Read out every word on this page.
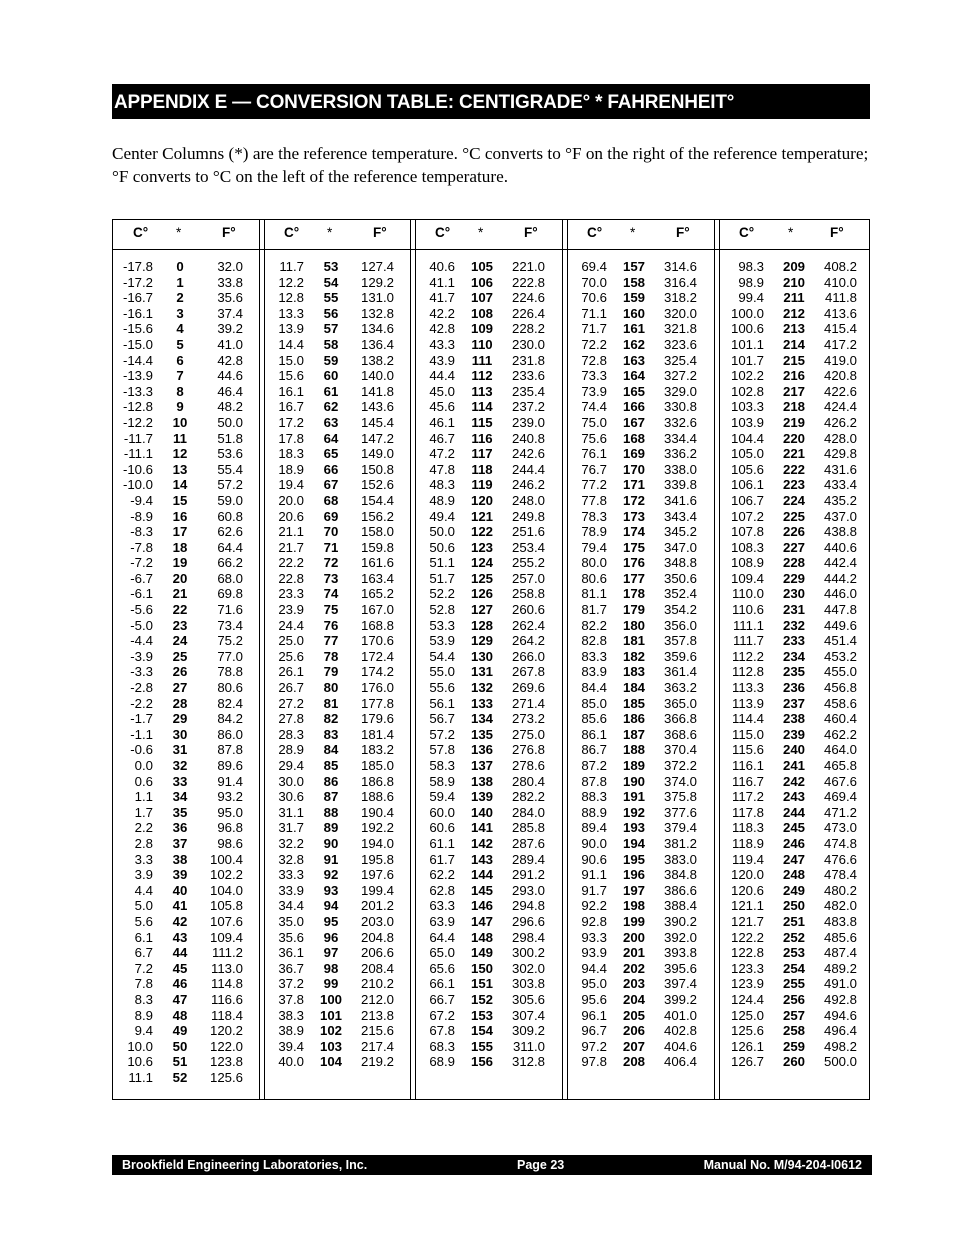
APPENDIX E — CONVERSION TABLE: CENTIGRADE° * FAHRENHEIT°
Center Columns (*) are the reference temperature. °C converts to °F on the right of the reference temperature; °F converts to °C on the left of the reference temperature.
C° *	F°
-17.8	0	32.0
-17.2	1	33.8
-16.7	2	35.6
-16.1	3	37.4
-15.6	4	39.2
-15.0	5	41.0
-14.4	6	42.8
-13.9	7	44.6
-13.3	8	46.4
-12.8	9	48.2
-12.2	10	50.0
-11.7	11	51.8
-11.1	12	53.6
-10.6	13	55.4
-10.0	14	57.2
-9.4	15	59.0
-8.9	16	60.8
-8.3	17	62.6
-7.8	18	64.4
-7.2	19	66.2
-6.7	20	68.0
-6.1	21	69.8
-5.6	22	71.6
-5.0	23	73.4
-4.4	24	75.2
-3.9	25	77.0
-3.3	26	78.8
-2.8	27	80.6
-2.2	28	82.4
-1.7	29	84.2
-1.1	30	86.0
-0.6	31	87.8
0.0	32	89.6
0.6	33	91.4
1.1	34	93.2
1.7	35	95.0
2.2	36	96.8
2.8	37	98.6
3.3	38	100.4
3.9	39	102.2
4.4	40	104.0
5.0	41	105.8
5.6	42	107.6
6.1	43	109.4
6.7	44	111.2
7.2	45	113.0
7.8	46	114.8
8.3	47	116.6
8.9	48	118.4
9.4	49	120.2
10.0	50	122.0
10.6	51	123.8
11.1	52	125.6
C° *	F°
11.7	53	127.4
12.2	54	129.2
12.8	55	131.0
13.3	56	132.8
13.9	57	134.6
14.4	58	136.4
15.0	59	138.2
15.6	60	140.0
16.1	61	141.8
16.7	62	143.6
17.2	63	145.4
17.8	64	147.2
18.3	65	149.0
18.9	66	150.8
19.4	67	152.6
20.0	68	154.4
20.6	69	156.2
21.1	70	158.0
21.7	71	159.8
22.2	72	161.6
22.8	73	163.4
23.3	74	165.2
23.9	75	167.0
24.4	76	168.8
25.0	77	170.6
25.6	78	172.4
26.1	79	174.2
26.7	80	176.0
27.2	81	177.8
27.8	82	179.6
28.3	83	181.4
28.9	84	183.2
29.4	85	185.0
30.0	86	186.8
30.6	87	188.6
31.1	88	190.4
31.7	89	192.2
32.2	90	194.0
32.8	91	195.8
33.3	92	197.6
33.9	93	199.4
34.4	94	201.2
35.0	95	203.0
35.6	96	204.8
36.1	97	206.6
36.7	98	208.4
37.2	99	210.2
37.8	100	212.0
38.3	101	213.8
38.9	102	215.6
39.4	103	217.4
40.0	104	219.2
C° *	F°
40.6	105	221.0
41.1	106	222.8
41.7	107	224.6
42.2	108	226.4
42.8	109	228.2
43.3	110	230.0
43.9	111	231.8
44.4	112	233.6
45.0	113	235.4
45.6	114	237.2
46.1	115	239.0
46.7	116	240.8
47.2	117	242.6
47.8	118	244.4
48.3	119	246.2
48.9	120	248.0
49.4	121	249.8
50.0	122	251.6
50.6	123	253.4
51.1	124	255.2
51.7	125	257.0
52.2	126	258.8
52.8	127	260.6
53.3	128	262.4
53.9	129	264.2
54.4	130	266.0
55.0	131	267.8
55.6	132	269.6
56.1	133	271.4
56.7	134	273.2
57.2	135	275.0
57.8	136	276.8
58.3	137	278.6
58.9	138	280.4
59.4	139	282.2
60.0	140	284.0
60.6	141	285.8
61.1	142	287.6
61.7	143	289.4
62.2	144	291.2
62.8	145	293.0
63.3	146	294.8
63.9	147	296.6
64.4	148	298.4
65.0	149	300.2
65.6	150	302.0
66.1	151	303.8
66.7	152	305.6
67.2	153	307.4
67.8	154	309.2
68.3	155	311.0
68.9	156	312.8
C° *	F°
69.4	157	314.6
70.0	158	316.4
70.6	159	318.2
71.1	160	320.0
71.7	161	321.8
72.2	162	323.6
72.8	163	325.4
73.3	164	327.2
73.9	165	329.0
74.4	166	330.8
75.0	167	332.6
75.6	168	334.4
76.1	169	336.2
76.7	170	338.0
77.2	171	339.8
77.8	172	341.6
78.3	173	343.4
78.9	174	345.2
79.4	175	347.0
80.0	176	348.8
80.6	177	350.6
81.1	178	352.4
81.7	179	354.2
82.2	180	356.0
82.8	181	357.8
83.3	182	359.6
83.9	183	361.4
84.4	184	363.2
85.0	185	365.0
85.6	186	366.8
86.1	187	368.6
86.7	188	370.4
87.2	189	372.2
87.8	190	374.0
88.3	191	375.8
88.9	192	377.6
89.4	193	379.4
90.0	194	381.2
90.6	195	383.0
91.1	196	384.8
91.7	197	386.6
92.2	198	388.4
92.8	199	390.2
93.3	200	392.0
93.9	201	393.8
94.4	202	395.6
95.0	203	397.4
95.6	204	399.2
96.1	205	401.0
96.7	206	402.8
97.2	207	404.6
97.8	208	406.4
C°	*	F°
98.3	209	408.2
98.9	210	410.0
99.4	211	411.8
100.0	212	413.6
100.6	213	415.4
101.1	214	417.2
101.7	215	419.0
102.2	216	420.8
102.8	217	422.6
103.3	218	424.4
103.9	219	426.2
104.4	220	428.0
105.0	221	429.8
105.6	222	431.6
106.1	223	433.4
106.7	224	435.2
107.2	225	437.0
107.8	226	438.8
108.3	227	440.6
108.9	228	442.4
109.4	229	444.2
110.0	230	446.0
110.6	231	447.8
111.1	232	449.6
111.7	233	451.4
112.2	234	453.2
112.8	235	455.0
113.3	236	456.8
113.9	237	458.6
114.4	238	460.4
115.0	239	462.2
115.6	240	464.0
116.1	241	465.8
116.7	242	467.6
117.2	243	469.4
117.8	244	471.2
118.3	245	473.0
118.9	246	474.8
119.4	247	476.6
120.0	248	478.4
120.6	249	480.2
121.1	250	482.0
121.7	251	483.8
122.2	252	485.6
122.8	253	487.4
123.3	254	489.2
123.9	255	491.0
124.4	256	492.8
125.0	257	494.6
125.6	258	496.4
126.1	259	498.2
126.7	260	500.0
Brookfield Engineering Laboratories, Inc.	Page 23	Manual No. M/94-204-I0612
